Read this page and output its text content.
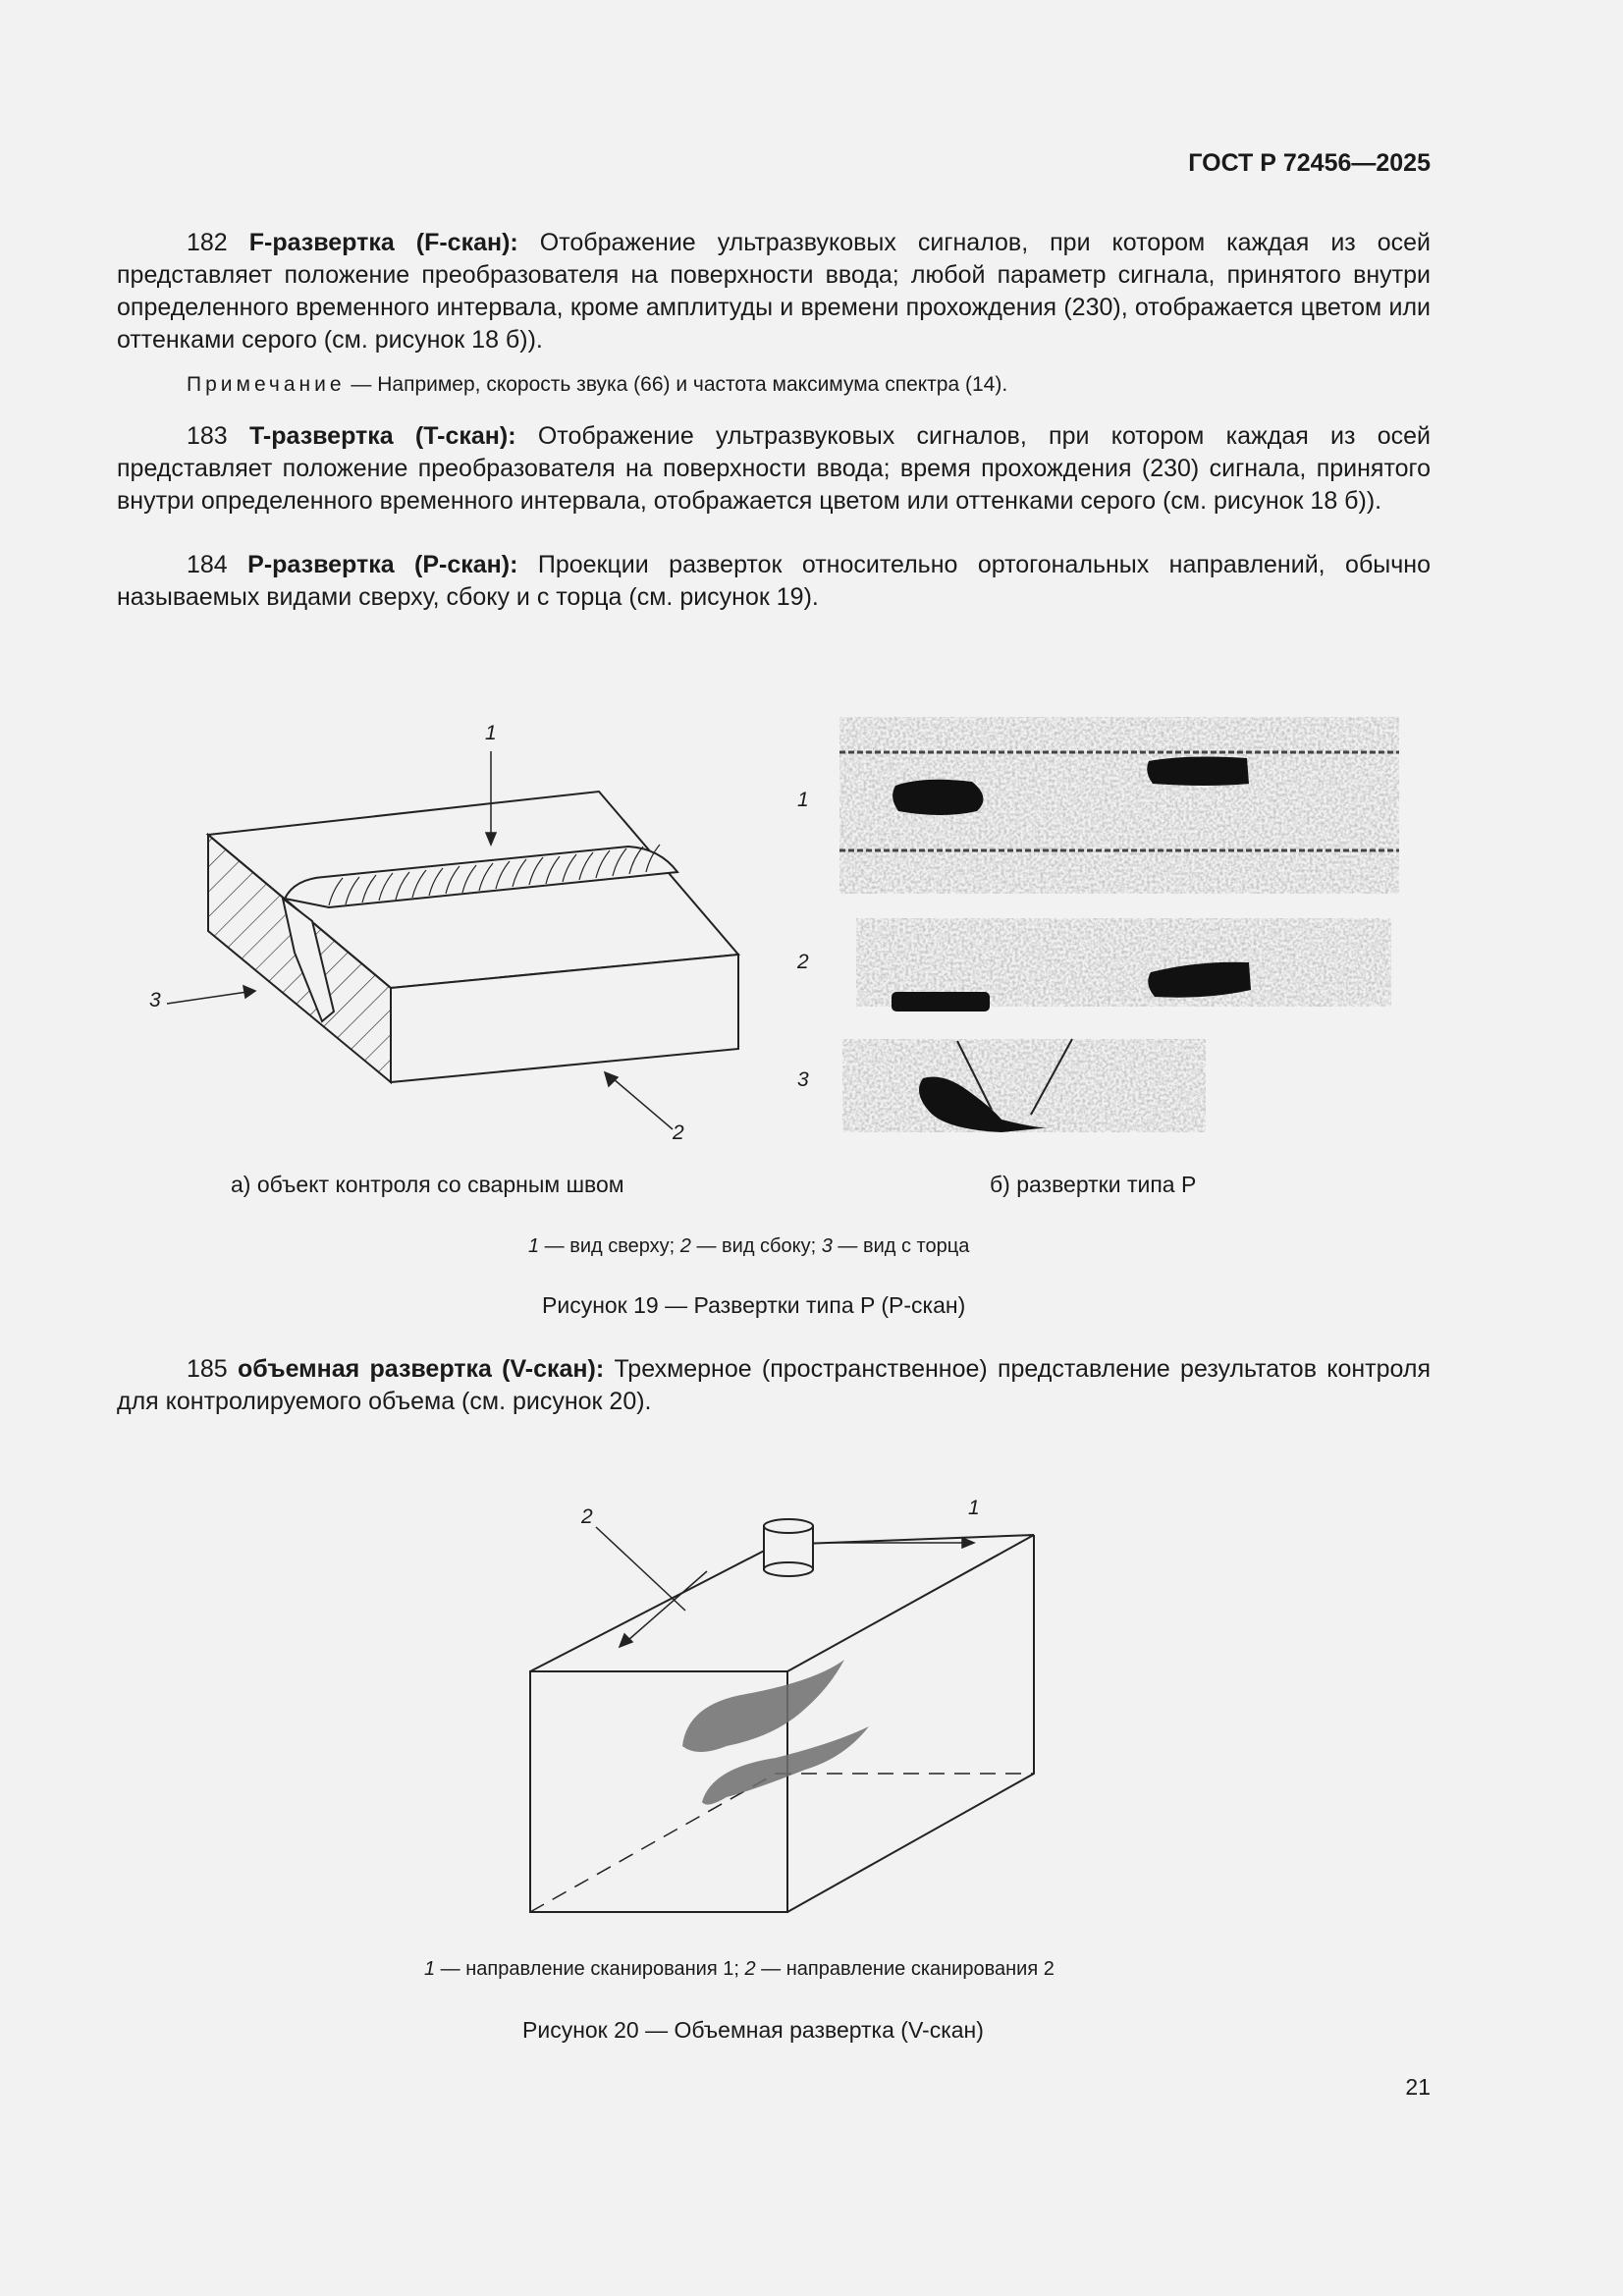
ГОСТ Р 72456—2025
182 F-развертка (F-скан): Отображение ультразвуковых сигналов, при котором каждая из осей представляет положение преобразователя на поверхности ввода; любой параметр сигнала, принятого внутри определенного временного интервала, кроме амплитуды и времени прохождения (230), отображается цветом или оттенками серого (см. рисунок 18 б)).
Примечание — Например, скорость звука (66) и частота максимума спектра (14).
183 T-развертка (T-скан): Отображение ультразвуковых сигналов, при котором каждая из осей представляет положение преобразователя на поверхности ввода; время прохождения (230) сигнала, принятого внутри определенного временного интервала, отображается цветом или оттенками серого (см. рисунок 18 б)).
184 P-развертка (P-скан): Проекции разверток относительно ортогональных направлений, обычно называемых видами сверху, сбоку и с торца (см. рисунок 19).
1
3
2
1
2
3
а) объект контроля со сварным швом	б) развертки типа P
1 — вид сверху; 2 — вид сбоку; 3 — вид с торца
Рисунок 19 — Развертки типа P (P-скан)
185 объемная развертка (V-скан): Трехмерное (пространственное) представление результатов контроля для контролируемого объема (см. рисунок 20).
1
2
1 — направление сканирования 1; 2 — направление сканирования 2
Рисунок 20 — Объемная развертка (V-скан)
21
